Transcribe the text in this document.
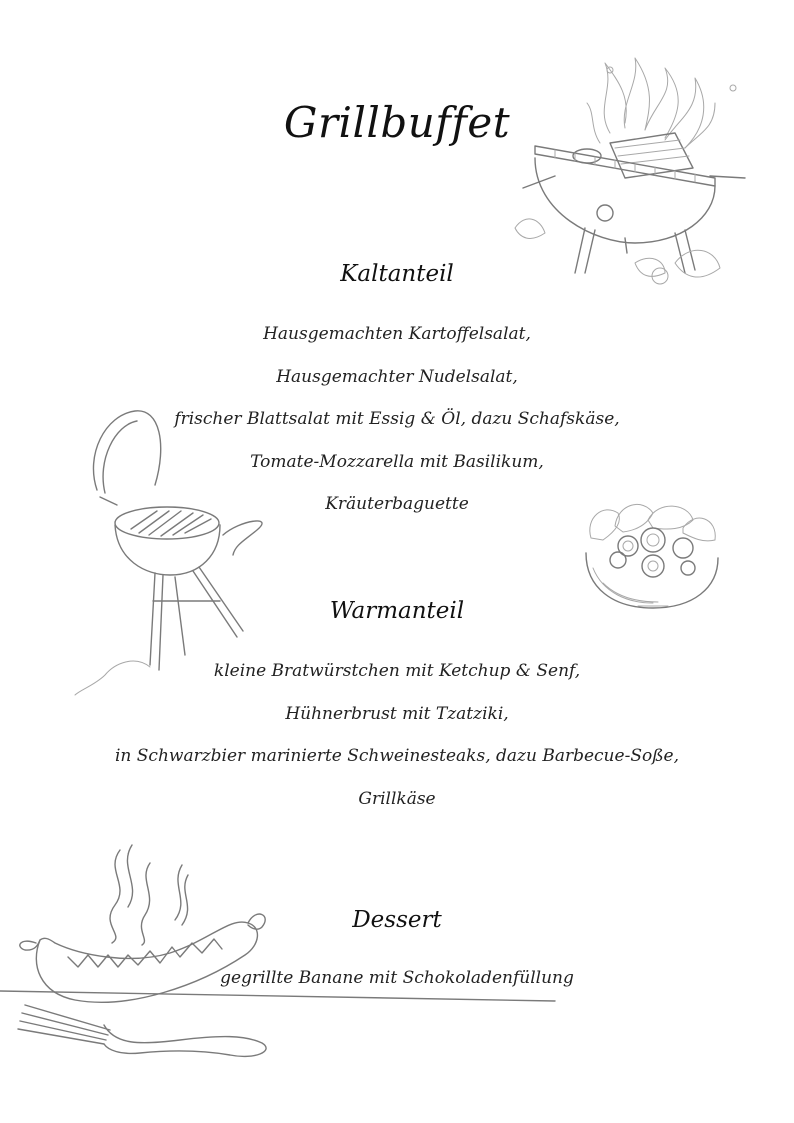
Grillbuffet
Kaltanteil
Hausgemachten Kartoffelsalat,
Hausgemachter Nudelsalat,
frischer Blattsalat mit Essig & Öl, dazu Schafskäse,
Tomate-Mozzarella mit Basilikum,
Kräuterbaguette
Warmanteil
kleine Bratwürstchen mit Ketchup & Senf,
Hühnerbrust mit Tzatziki,
in Schwarzbier marinierte Schweinesteaks, dazu Barbecue-Soße,
Grillkäse
Dessert
gegrillte Banane mit Schokoladenfüllung
